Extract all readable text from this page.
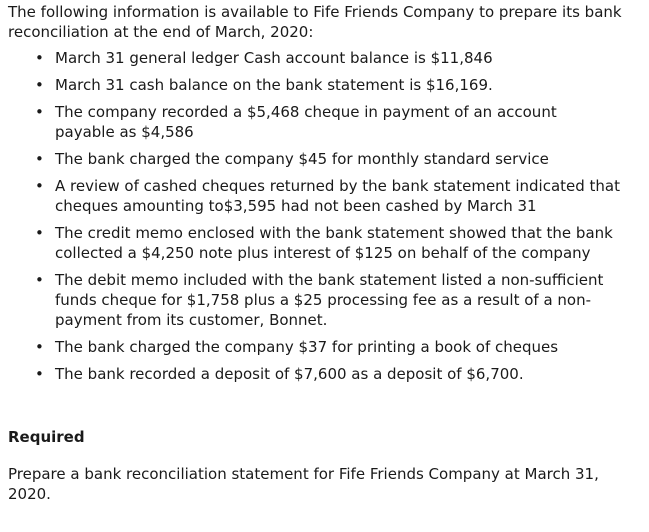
The following information is available to Fife Friends Company to prepare its bank reconciliation at the end of March, 2020:

• March 31 general ledger Cash account balance is $11,846
• March 31 cash balance on the bank statement is $16,169.
• The company recorded a $5,468 cheque in payment of an account payable as $4,586
• The bank charged the company $45 for monthly standard service
• A review of cashed cheques returned by the bank statement indicated that cheques amounting to$3,595 had not been cashed by March 31
• The credit memo enclosed with the bank statement showed that the bank collected a $4,250 note plus interest of $125 on behalf of the company
• The debit memo included with the bank statement listed a non-sufficient funds cheque for $1,758 plus a $25 processing fee as a result of a non-payment from its customer, Bonnet.
• The bank charged the company $37 for printing a book of cheques
• The bank recorded a deposit of $7,600 as a deposit of $6,700.

Required

Prepare a bank reconciliation statement for Fife Friends Company at March 31, 2020.
